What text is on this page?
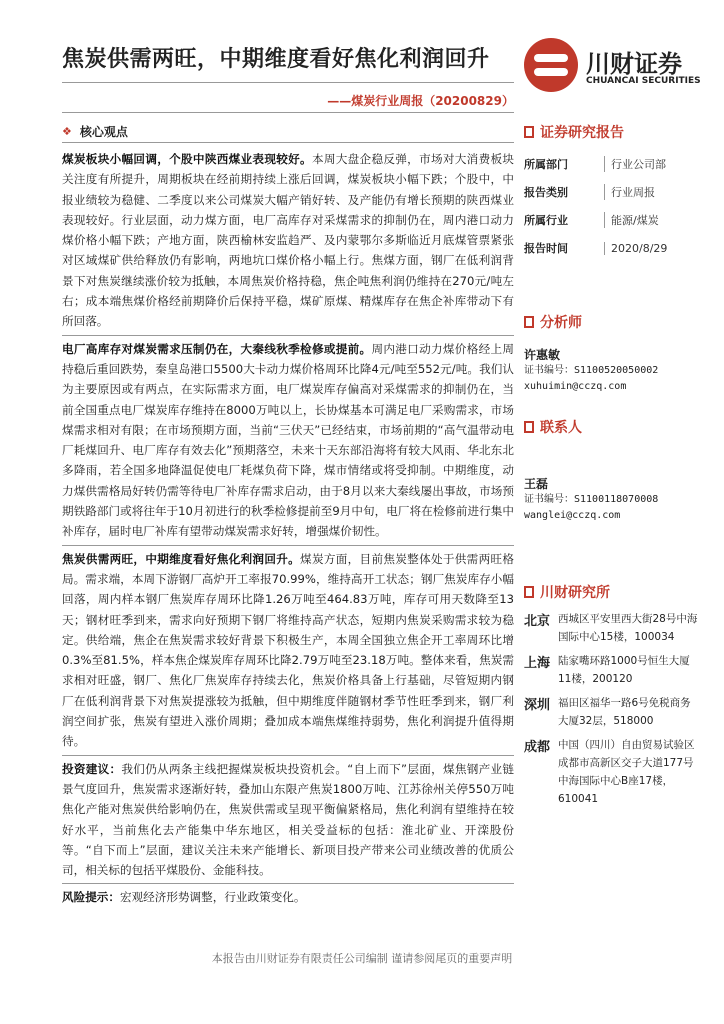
焦炭供需两旺，中期维度看好焦化利润回升
——煤炭行业周报（20200829）
川财证券
CHUANCAI SECURITIES
❖ 核心观点

煤炭板块小幅回调，个股中陕西煤业表现较好。本周大盘企稳反弹，市场对大消费板块关注度有所提升，周期板块在经前期持续上涨后回调，煤炭板块小幅下跌；个股中，中报业绩较为稳健、二季度以来公司煤炭大幅产销好转、及产能仍有增长预期的陕西煤业表现较好。行业层面，动力煤方面，电厂高库存对采煤需求的抑制仍在，周内港口动力煤价格小幅下跌；产地方面，陕西榆林安监趋严、及内蒙鄂尔多斯临近月底煤管票紧张对区域煤矿供给释放仍有影响，两地坑口煤价格小幅上行。焦煤方面，钢厂在低利润背景下对焦炭继续涨价较为抵触，本周焦炭价格持稳，焦企吨焦利润仍维持在270元/吨左右；成本端焦煤价格经前期降价后保持平稳，煤矿原煤、精煤库存在焦企补库带动下有所回落。

电厂高库存对煤炭需求压制仍在，大秦线秋季检修或提前。周内港口动力煤价格经上周持稳后重回跌势，秦皇岛港口5500大卡动力煤价格周环比降4元/吨至552元/吨。我们认为主要原因或有两点，在实际需求方面，电厂煤炭库存偏高对采煤需求的抑制仍在，当前全国重点电厂煤炭库存维持在8000万吨以上，长协煤基本可满足电厂采购需求，市场煤需求相对有限；在市场预期方面，当前“三伏天”已经结束，市场前期的“高气温带动电厂耗煤回升、电厂库存有效去化”预期落空，未来十天东部沿海将有较大风雨、华北东北多降雨，若全国多地降温促使电厂耗煤负荷下降，煤市情绪或将受抑制。中期维度，动力煤供需格局好转仍需等待电厂补库存需求启动，由于8月以来大秦线屡出事故，市场预期铁路部门或将往年于10月初进行的秋季检修提前至9月中旬，电厂将在检修前进行集中补库存，届时电厂补库有望带动煤炭需求好转，增强煤价韧性。

焦炭供需两旺，中期维度看好焦化利润回升。煤炭方面，目前焦炭整体处于供需两旺格局。需求端，本周下游钢厂高炉开工率报70.99%，维持高开工状态；钢厂焦炭库存小幅回落，周内样本钢厂焦炭库存周环比降1.26万吨至464.83万吨，库存可用天数降至13天；钢材旺季到来，需求向好预期下钢厂将维持高产状态，短期内焦炭采购需求较为稳定。供给端，焦企在焦炭需求较好背景下积极生产，本周全国独立焦企开工率周环比增0.3%至81.5%，样本焦企煤炭库存周环比降2.79万吨至23.18万吨。整体来看，焦炭需求相对旺盛，钢厂、焦化厂焦炭库存持续去化，焦炭价格具备上行基础，尽管短期内钢厂在低利润背景下对焦炭提涨较为抵触，但中期维度伴随钢材季节性旺季到来，钢厂利润空间扩张，焦炭有望进入涨价周期；叠加成本端焦煤维持弱势，焦化利润提升值得期待。

投资建议：我们仍从两条主线把握煤炭板块投资机会。“自上而下”层面，煤焦钢产业链景气度回升，焦炭需求逐渐好转，叠加山东限产焦炭1800万吨、江苏徐州关停550万吨焦化产能对焦炭供给影响仍在，焦炭供需或呈现平衡偏紧格局，焦化利润有望维持在较好水平，当前焦化去产能集中华东地区，相关受益标的包括：淮北矿业、开滦股份等。“自下而上”层面，建议关注未来产能增长、新项目投产带来公司业绩改善的优质公司，相关标的包括平煤股份、金能科技。

风险提示：宏观经济形势调整，行业政策变化。

证券研究报告
所属部门	行业公司部
报告类别	行业周报
所属行业	能源/煤炭
报告时间	2020/8/29
分析师
许惠敏
证书编号：S1100520050002
xuhuimin@cczq.com
联系人
王磊
证书编号：S1100118070008
wanglei@cczq.com
川财研究所
北京 西城区平安里西大街28号中海国际中心15楼，100034
上海 陆家嘴环路1000号恒生大厦11楼，200120
深圳 福田区福华一路6号免税商务大厦32层，518000
成都 中国（四川）自由贸易试验区成都市高新区交子大道177号中海国际中心B座17楼，610041
本报告由川财证券有限责任公司编制 谨请参阅尾页的重要声明
